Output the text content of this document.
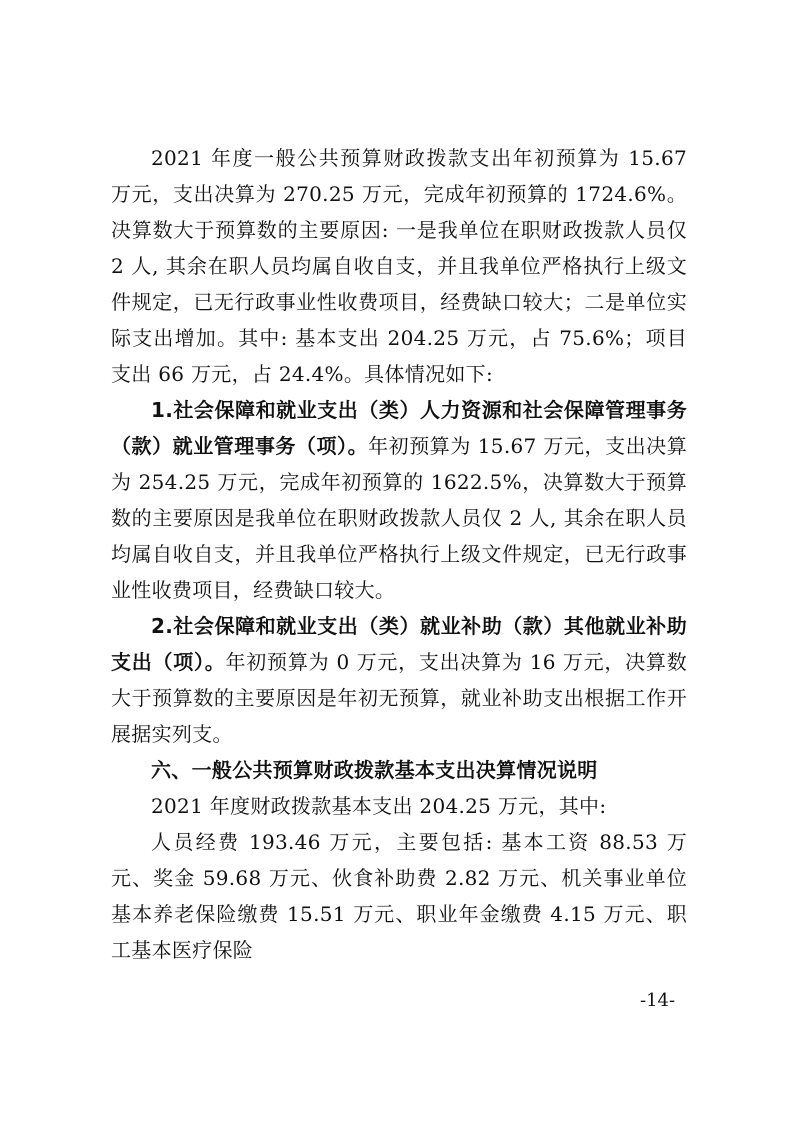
2021 年度一般公共预算财政拨款支出年初预算为 15.67 万元，支出决算为 270.25 万元，完成年初预算的 1724.6%。决算数大于预算数的主要原因: 一是我单位在职财政拨款人员仅 2 人, 其余在职人员均属自收自支，并且我单位严格执行上级文件规定，已无行政事业性收费项目，经费缺口较大；二是单位实际支出增加。其中: 基本支出 204.25 万元，占 75.6%；项目支出 66 万元，占 24.4%。具体情况如下:

1.社会保障和就业支出（类）人力资源和社会保障管理事务（款）就业管理事务（项）。年初预算为 15.67 万元，支出决算为 254.25 万元，完成年初预算的 1622.5%，决算数大于预算数的主要原因是我单位在职财政拨款人员仅 2 人, 其余在职人员均属自收自支，并且我单位严格执行上级文件规定，已无行政事业性收费项目，经费缺口较大。

2.社会保障和就业支出（类）就业补助（款）其他就业补助支出（项）。年初预算为 0 万元，支出决算为 16 万元，决算数大于预算数的主要原因是年初无预算，就业补助支出根据工作开展据实列支。

六、一般公共预算财政拨款基本支出决算情况说明

2021 年度财政拨款基本支出 204.25 万元，其中:

人员经费 193.46 万元，主要包括: 基本工资 88.53 万元、奖金 59.68 万元、伙食补助费 2.82 万元、机关事业单位基本养老保险缴费 15.51 万元、职业年金缴费 4.15 万元、职工基本医疗保险

-14-
